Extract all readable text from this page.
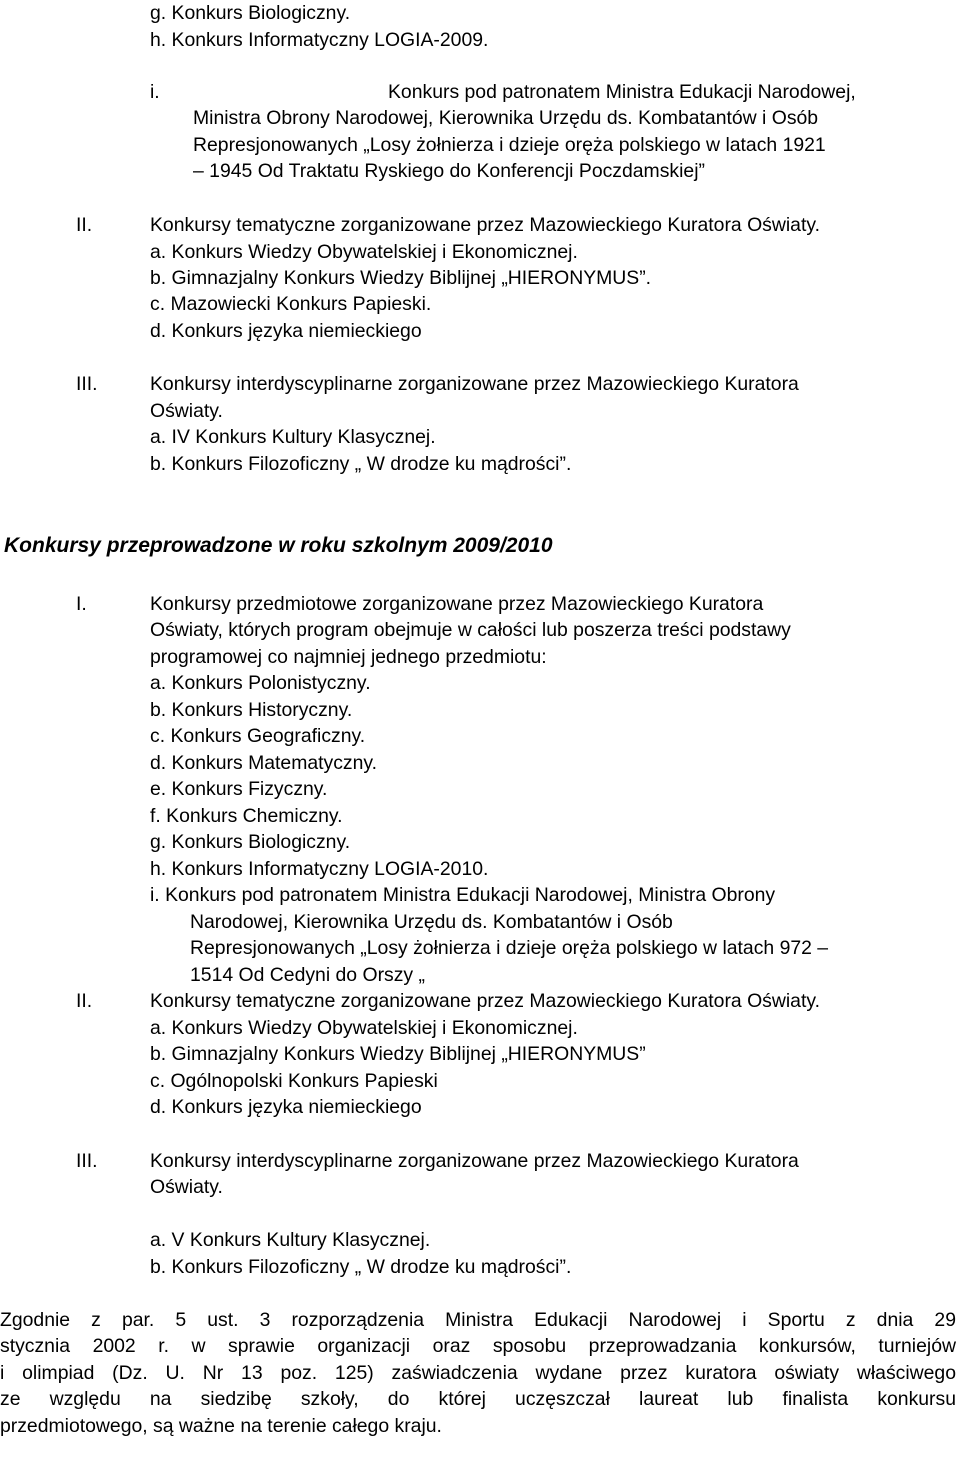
g. Konkurs Biologiczny.
h. Konkurs Informatyczny LOGIA-2009.
i.	Konkurs pod patronatem Ministra Edukacji Narodowej,
Ministra Obrony Narodowej, Kierownika Urzędu ds. Kombatantów i Osób
Represjonowanych „Losy żołnierza i dzieje oręża polskiego w latach 1921
– 1945 Od Traktatu Ryskiego do Konferencji Poczdamskiej”
II.	Konkursy tematyczne zorganizowane przez Mazowieckiego Kuratora Oświaty.
a. Konkurs Wiedzy Obywatelskiej i Ekonomicznej.
b. Gimnazjalny Konkurs Wiedzy Biblijnej „HIERONYMUS”.
c. Mazowiecki Konkurs Papieski.
d. Konkurs języka niemieckiego
III.	Konkursy interdyscyplinarne zorganizowane przez Mazowieckiego Kuratora
Oświaty.
a. IV Konkurs Kultury Klasycznej.
b. Konkurs Filozoficzny „ W drodze ku mądrości”.
Konkursy przeprowadzone w roku szkolnym 2009/2010
I.	Konkursy przedmiotowe zorganizowane przez Mazowieckiego Kuratora
Oświaty, których program obejmuje w całości lub poszerza treści podstawy
programowej co najmniej jednego przedmiotu:
a. Konkurs Polonistyczny.
b. Konkurs Historyczny.
c. Konkurs Geograficzny.
d. Konkurs Matematyczny.
e. Konkurs Fizyczny.
f. Konkurs Chemiczny.
g. Konkurs Biologiczny.
h. Konkurs Informatyczny LOGIA-2010.
i. Konkurs pod patronatem Ministra Edukacji Narodowej, Ministra Obrony
Narodowej, Kierownika Urzędu ds. Kombatantów i Osób
Represjonowanych „Losy żołnierza i dzieje oręża polskiego w latach 972 –
1514 Od Cedyni do Orszy „
II.	Konkursy tematyczne zorganizowane przez Mazowieckiego Kuratora Oświaty.
a. Konkurs Wiedzy Obywatelskiej i Ekonomicznej.
b. Gimnazjalny Konkurs Wiedzy Biblijnej „HIERONYMUS”
c. Ogólnopolski Konkurs Papieski
d. Konkurs języka niemieckiego
III.	Konkursy interdyscyplinarne zorganizowane przez Mazowieckiego Kuratora
Oświaty.
a. V Konkurs Kultury Klasycznej.
b. Konkurs Filozoficzny „ W drodze ku mądrości”.
Zgodnie z par. 5 ust. 3 rozporządzenia Ministra Edukacji Narodowej i Sportu z dnia 29
stycznia 2002 r. w sprawie organizacji oraz sposobu przeprowadzania konkursów, turniejów
i olimpiad (Dz. U. Nr 13 poz. 125) zaświadczenia wydane przez kuratora oświaty właściwego
ze względu na siedzibę szkoły, do której uczęszczał laureat lub finalista konkursu
przedmiotowego, są ważne na terenie całego kraju.
